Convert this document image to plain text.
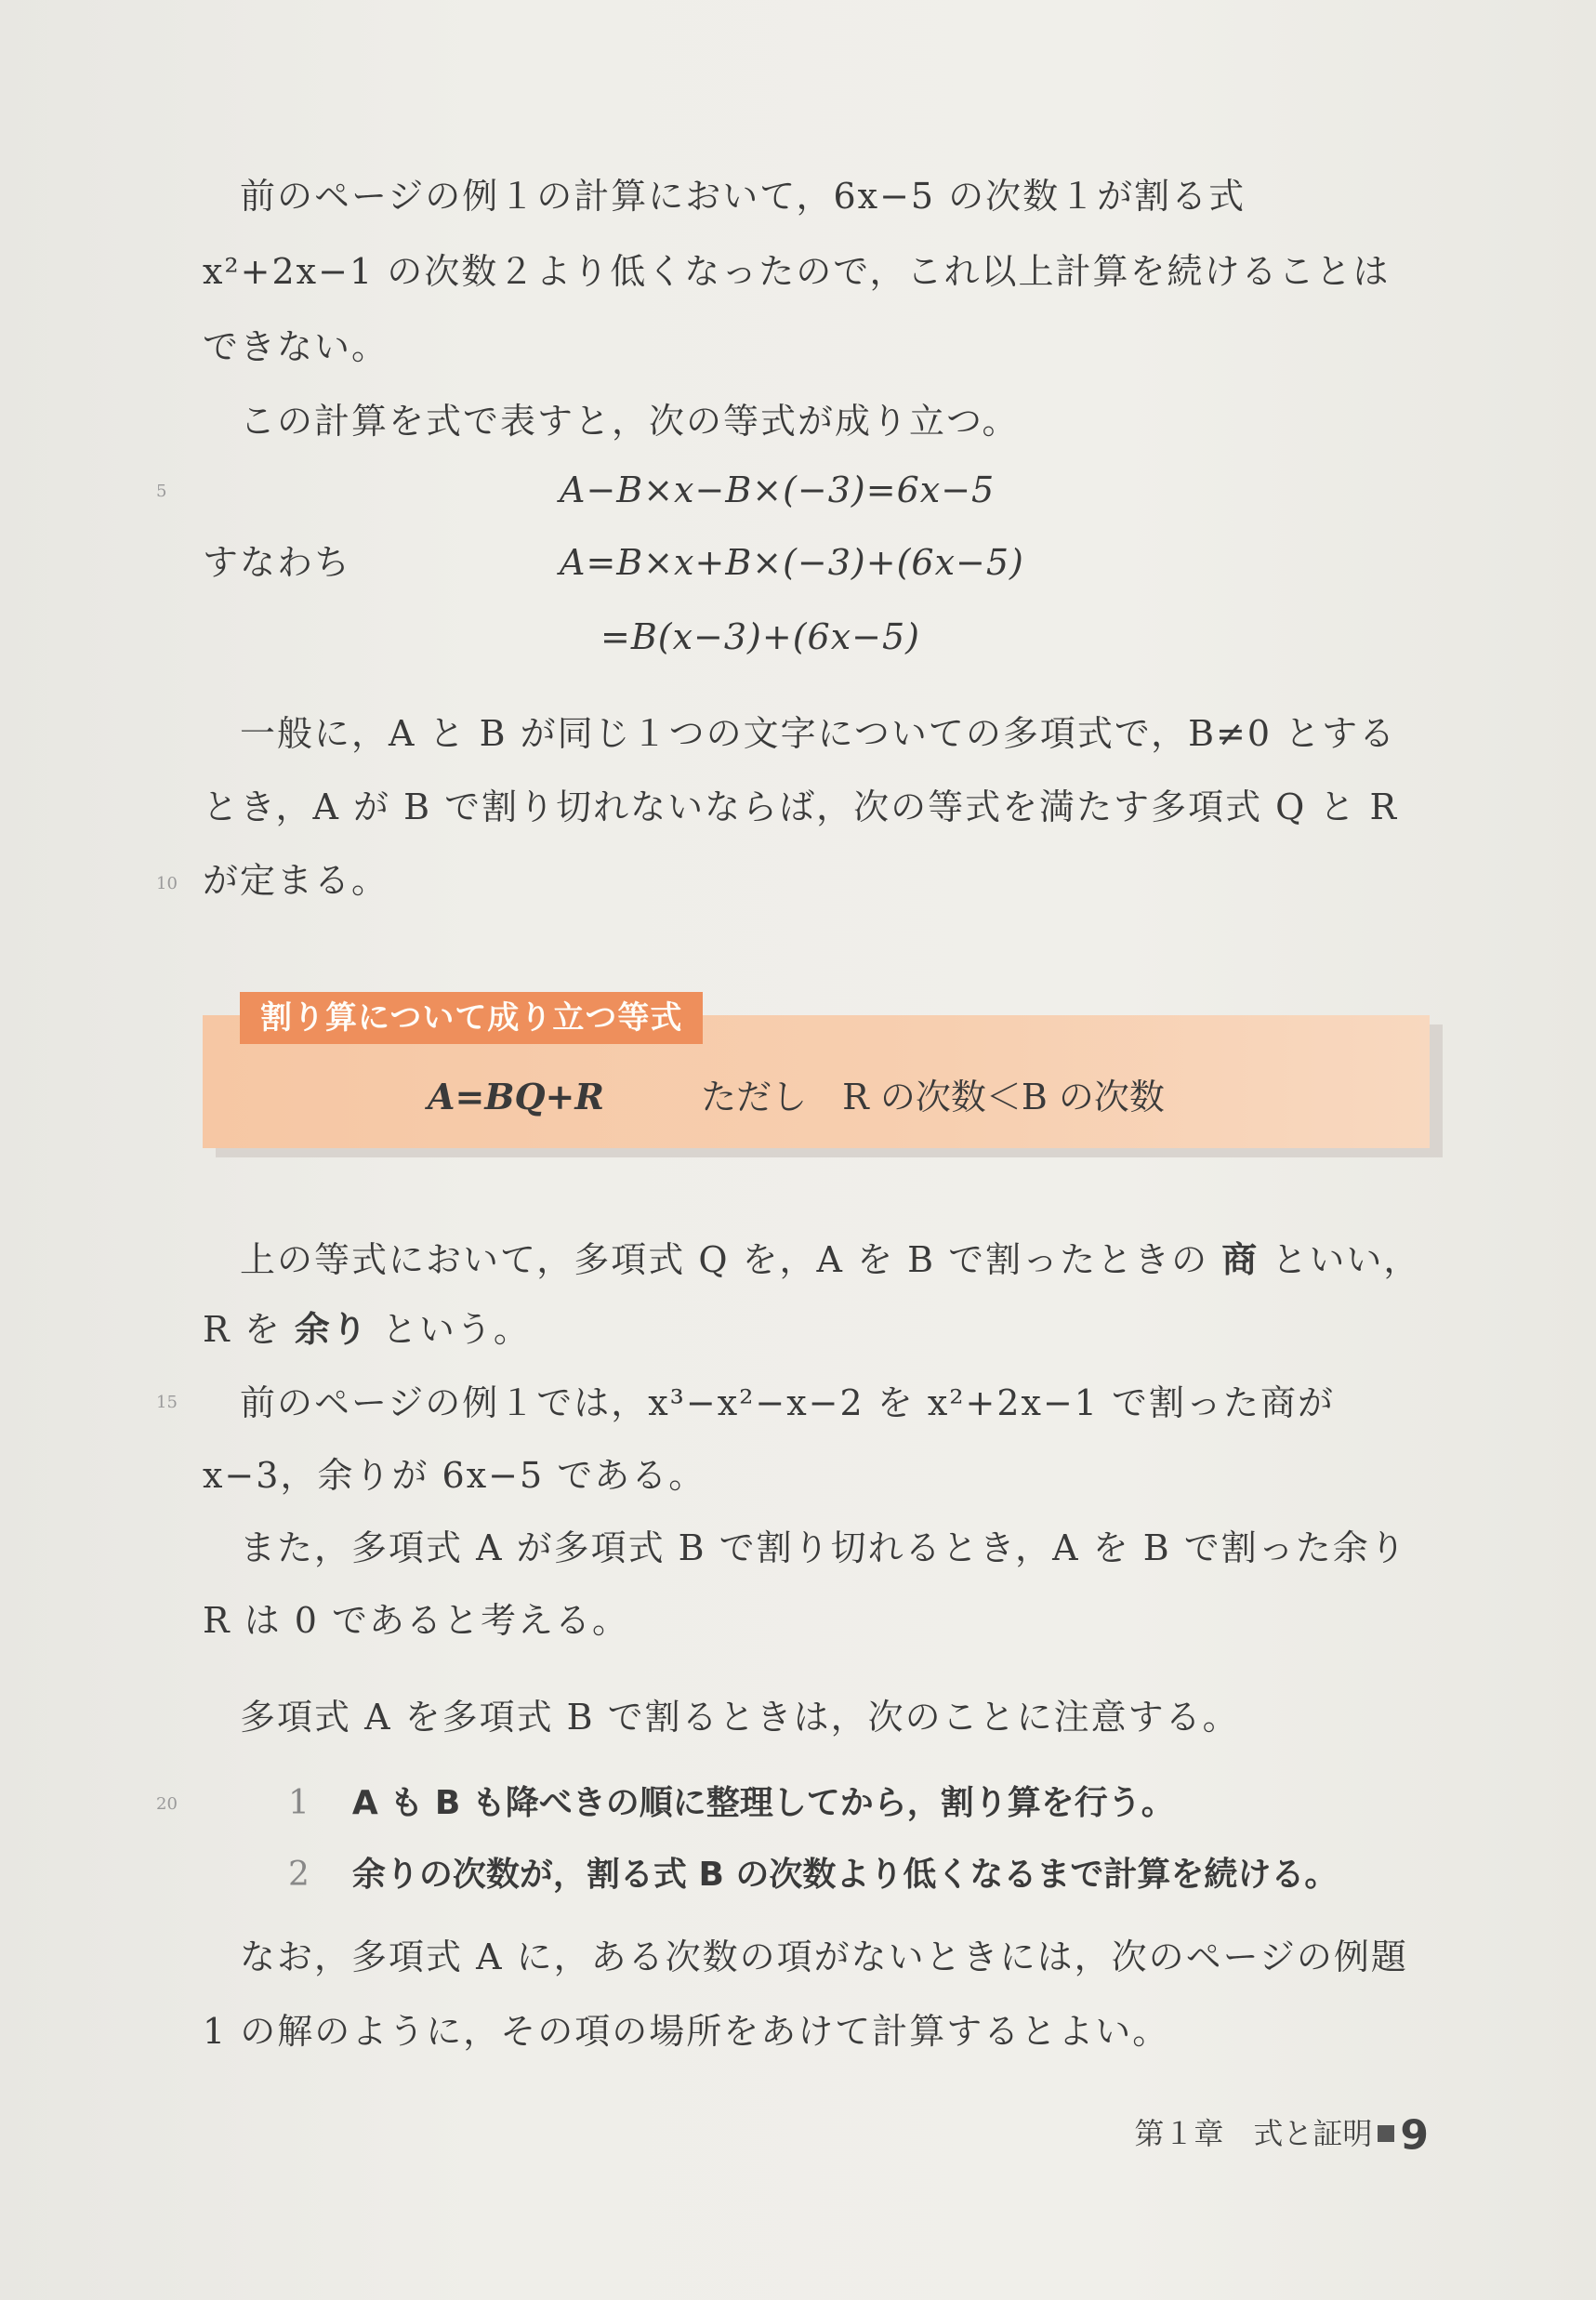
　前のページの例１の計算において，6x−5 の次数１が割る式
x²+2x−1 の次数２より低くなったので，これ以上計算を続けることは
できない。
　この計算を式で表すと，次の等式が成り立つ。
5	A−B×x−B×(−3)=6x−5
すなわち	A=B×x+B×(−3)+(6x−5)
=B(x−3)+(6x−5)
　一般に，A と B が同じ１つの文字についての多項式で，B≠0 とする
とき，A が B で割り切れないならば，次の等式を満たす多項式 Q と R
10 が定まる。
割り算について成り立つ等式
A=BQ+R	ただし　R の次数＜B の次数
　上の等式において，多項式 Q を，A を B で割ったときの 商 といい，
R を 余り という。
15 　前のページの例１では，x³−x²−x−2 を x²+2x−1 で割った商が
x−3，余りが 6x−5 である。
　また，多項式 A が多項式 B で割り切れるとき，A を B で割った余り
R は 0 であると考える。
　多項式 A を多項式 B で割るときは，次のことに注意する。
20	1 A も B も降べきの順に整理してから，割り算を行う。
2 余りの次数が，割る式 B の次数より低くなるまで計算を続ける。
　なお，多項式 A に，ある次数の項がないときには，次のページの例題
1 の解のように，その項の場所をあけて計算するとよい。
第１章　式と証明 9
